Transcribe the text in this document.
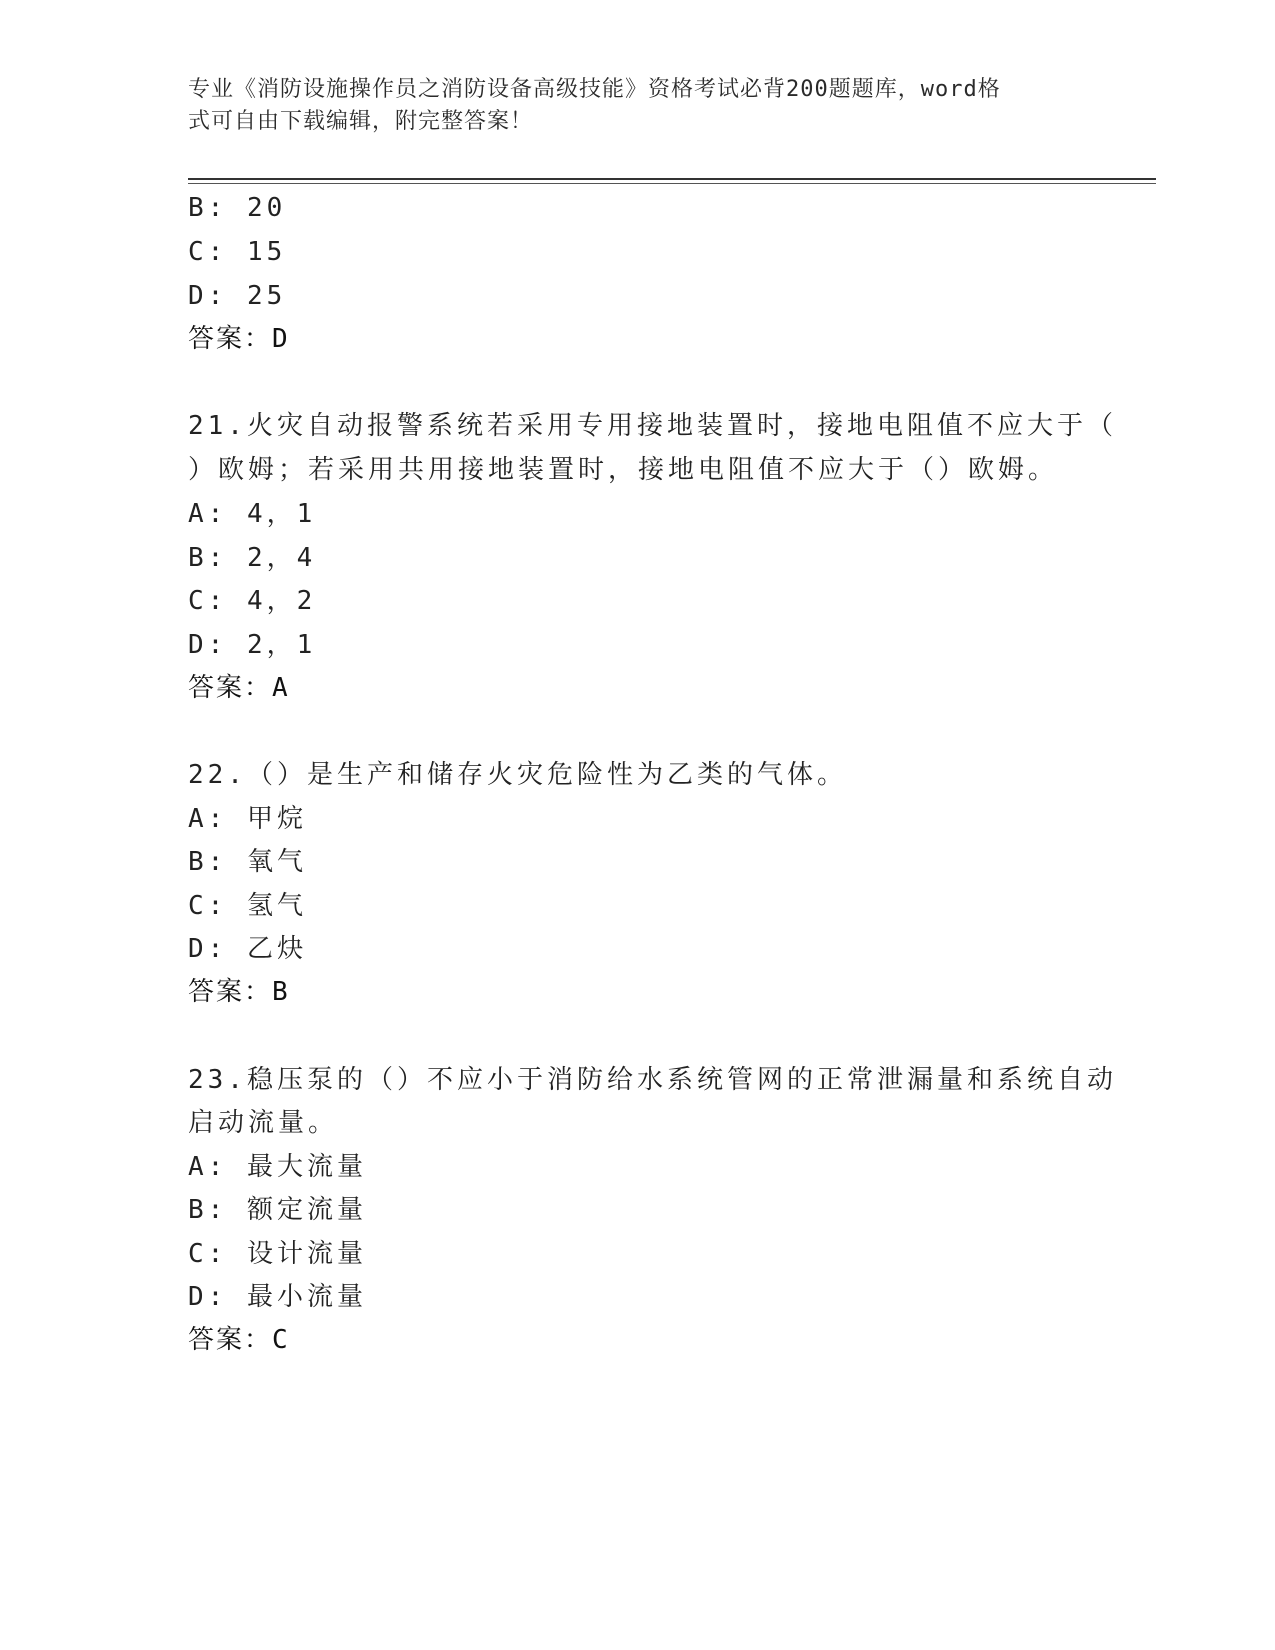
专业《消防设施操作员之消防设备高级技能》资格考试必背200题题库，word格
式可自由下载编辑，附完整答案！
B: 20
C: 15
D: 25
答案：D
21.火灾自动报警系统若采用专用接地装置时，接地电阻值不应大于（
）欧姆；若采用共用接地装置时，接地电阻值不应大于（）欧姆。
A: 4，1
B: 2，4
C: 4，2
D: 2，1
答案：A
22.（）是生产和储存火灾危险性为乙类的气体。
A: 甲烷
B: 氧气
C: 氢气
D: 乙炔
答案：B
23.稳压泵的（）不应小于消防给水系统管网的正常泄漏量和系统自动
启动流量。
A: 最大流量
B: 额定流量
C: 设计流量
D: 最小流量
答案：C
